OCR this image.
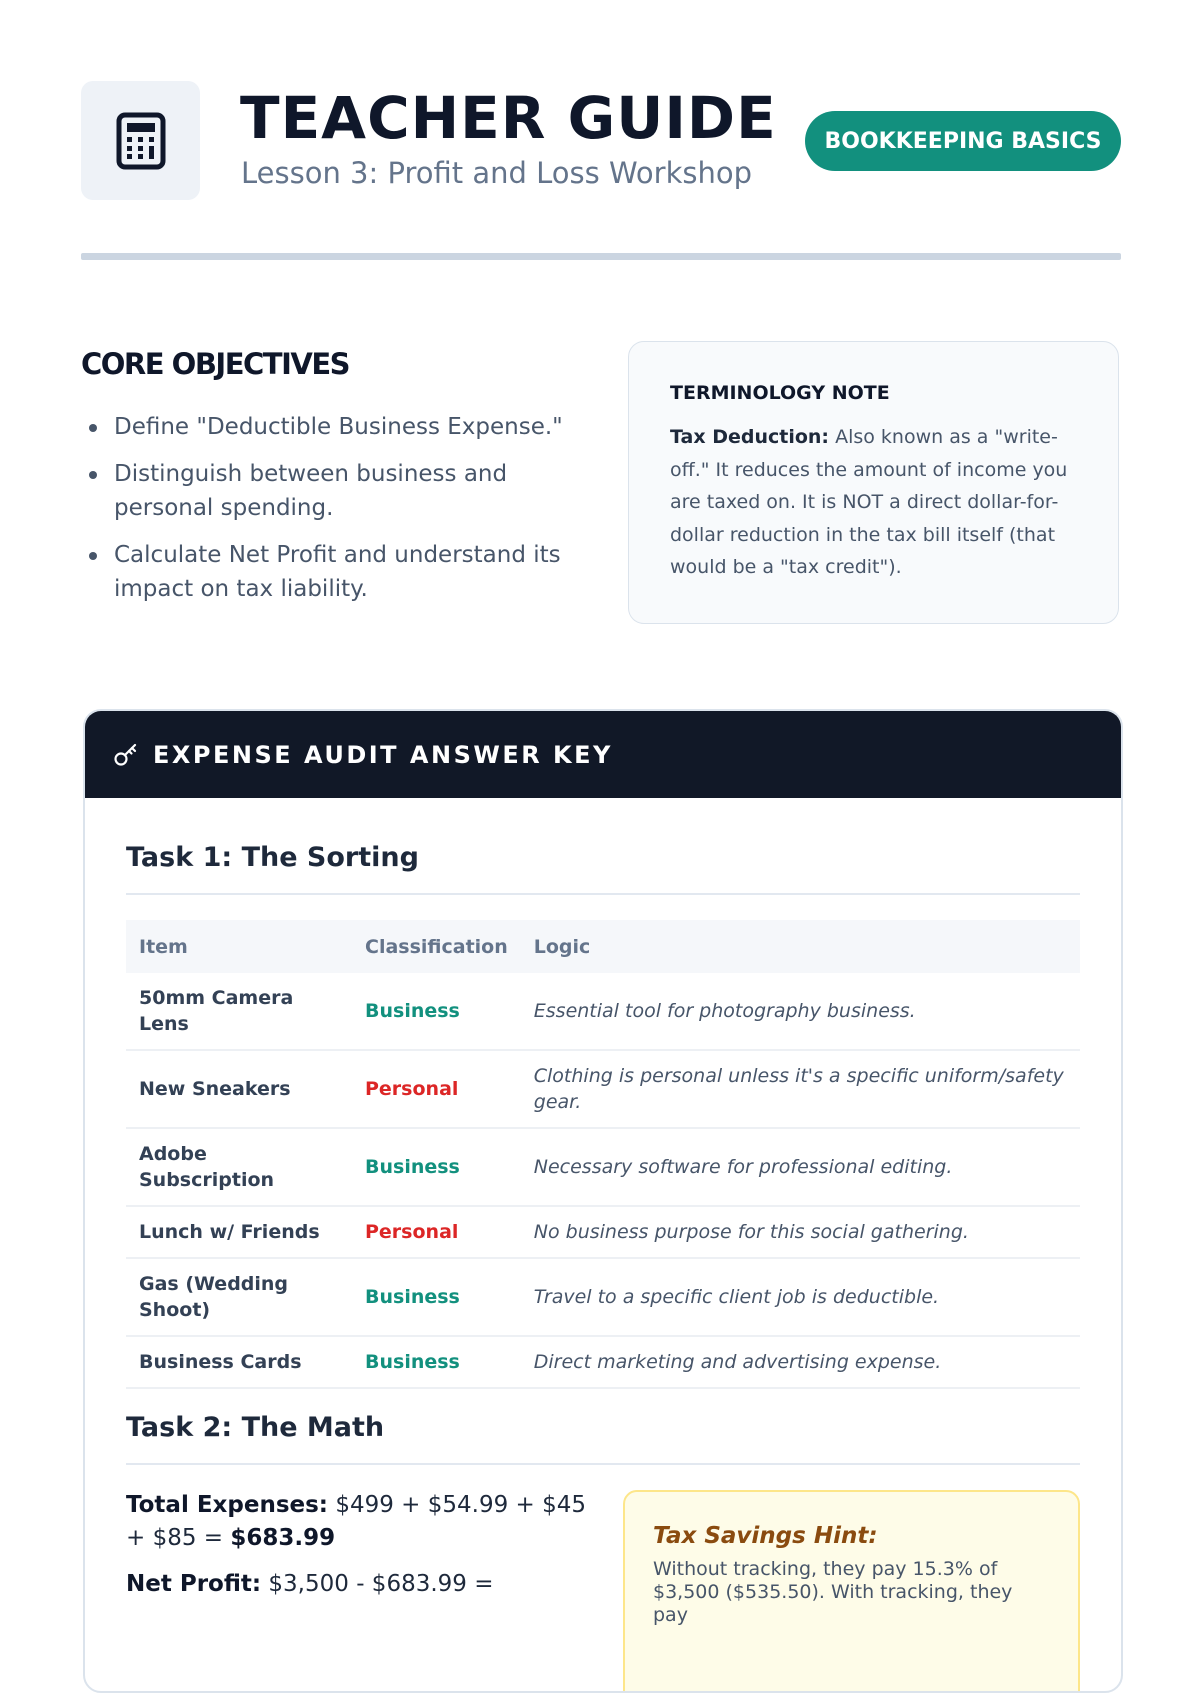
TEACHER GUIDE
Lesson 3: Profit and Loss Workshop
BOOKKEEPING BASICS
CORE OBJECTIVES
Define "Deductible Business Expense."
Distinguish between business and personal spending.
Calculate Net Profit and understand its impact on tax liability.
TERMINOLOGY NOTE
Tax Deduction: Also known as a "write-off." It reduces the amount of income you are taxed on. It is NOT a direct dollar-for-dollar reduction in the tax bill itself (that would be a "tax credit").
EXPENSE AUDIT ANSWER KEY
Task 1: The Sorting
Item	Classification	Logic
50mm Camera Lens	Business	Essential tool for photography business.
New Sneakers	Personal	Clothing is personal unless it's a specific uniform/safety gear.
Adobe Subscription	Business	Necessary software for professional editing.
Lunch w/ Friends	Personal	No business purpose for this social gathering.
Gas (Wedding Shoot)	Business	Travel to a specific client job is deductible.
Business Cards	Business	Direct marketing and advertising expense.
Task 2: The Math

Total Expenses: $499 + $54.99 + $45 + $85 = $683.99

Net Profit: $3,500 - $683.99 =

Tax Savings Hint:
Without tracking, they pay 15.3% of $3,500 ($535.50). With tracking, they pay
